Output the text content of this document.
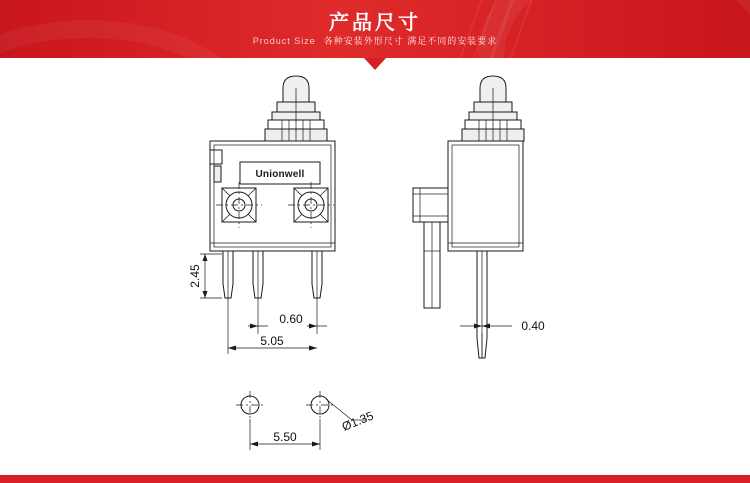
产品尺寸
Product Size 各种安装外形尺寸 满足不同的安装要求
Unionwell
2.45
0.60
5.05
0.40
Ø1.35
5.50
